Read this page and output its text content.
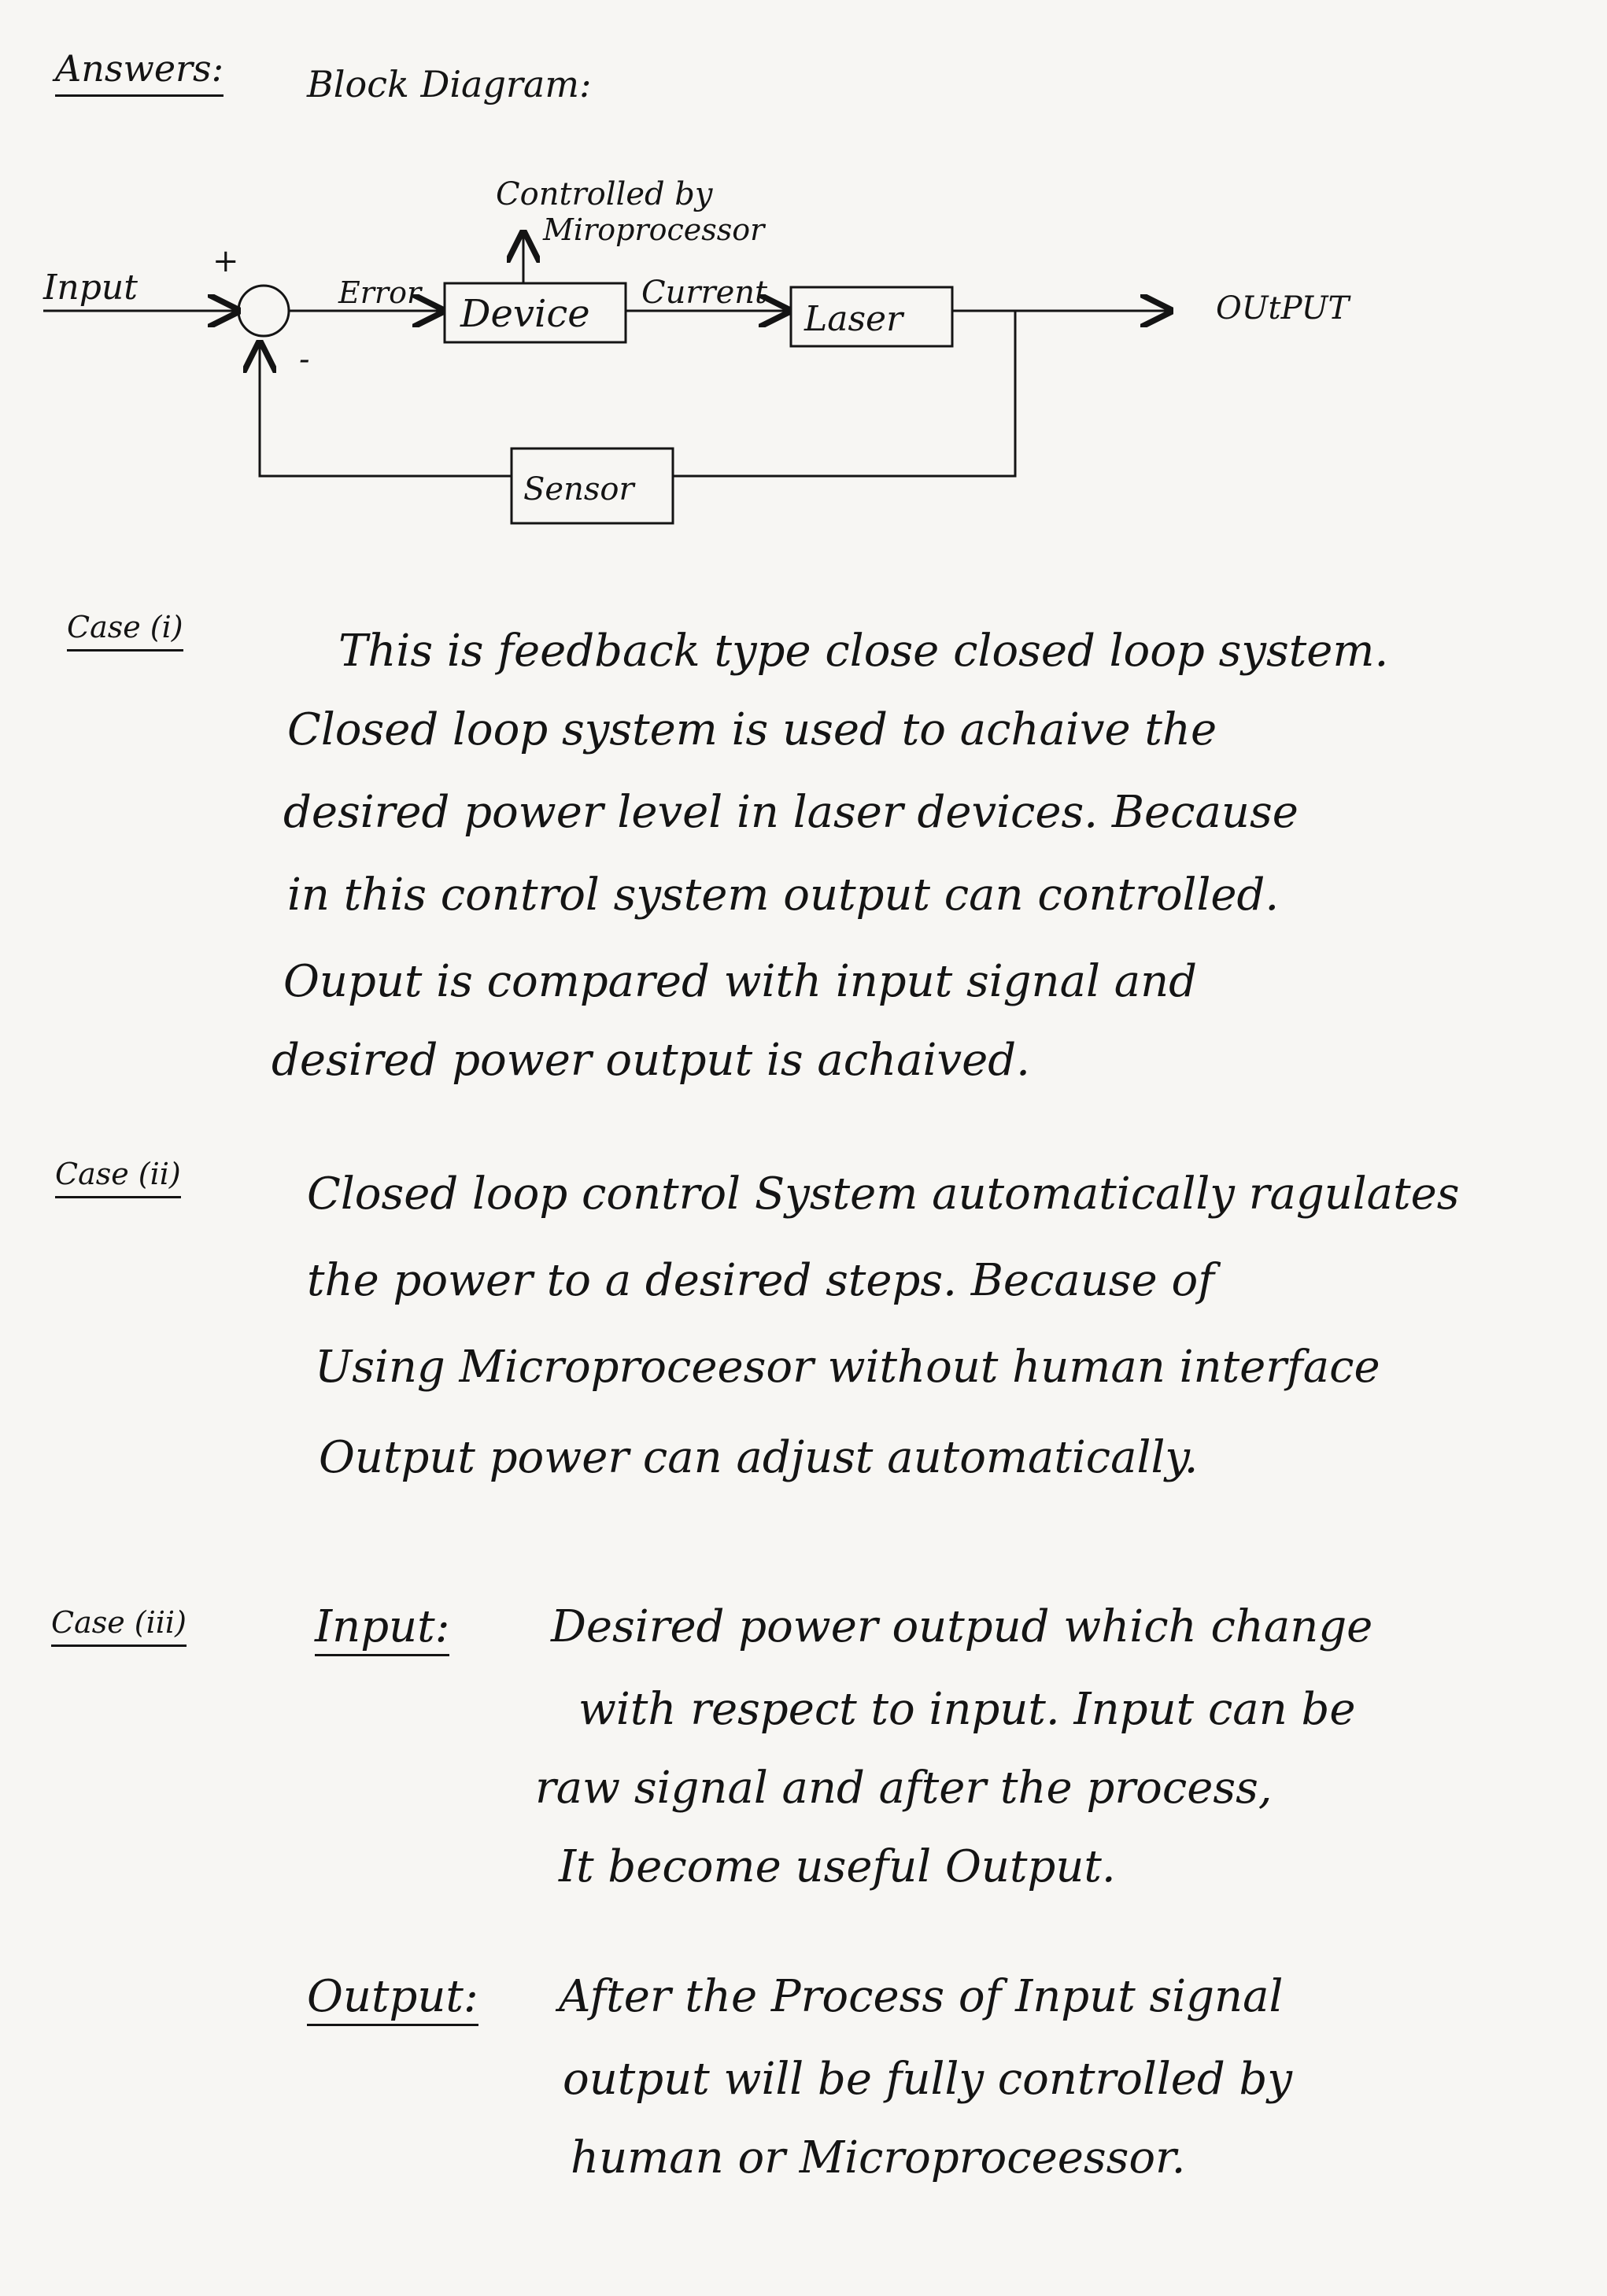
Answers: Block Diagram:
Controlled by
Miroprocessor
Input
+
-
Error Device Current
Laser	OUtPUT
Sensor
Case (i)	This is feedback type close closed loop system.
Closed loop system is used to achaive the
desired power level in laser devices. Because
in this control system output can controlled.
Ouput is compared with input signal and
desired power output is achaived.
Case (ii)	Closed loop control System automatically ragulates
the power to a desired steps. Because of
Using Microproceesor without human interface
Output power can adjust automatically.
Case (iii)	Input: Desired power outpud which change
with respect to input. Input can be
raw signal and after the process,
It become useful Output.
Output: After the Process of Input signal
output will be fully controlled by
human or Microproceessor.
